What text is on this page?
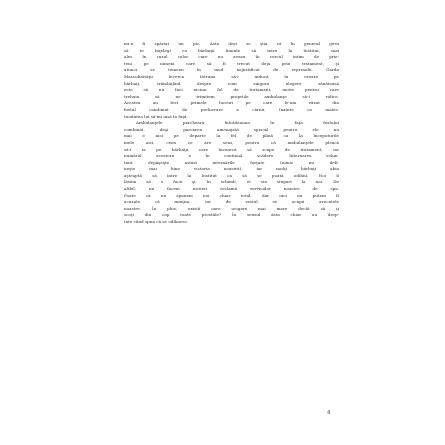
mi-a fi spăriat un pic. Asta deşi se ştia că în general geru
să te înţelegi cu bărbaţii înainte să intre la Institut, mai
ales în cazul celor care nu aveau în cercul intim de prie-
teni pe nimeni care să fi trecut deja prin tratament, şi
atunci se temeau în mod nejustificat de represalii. Garda
Masculinităţii încerca întruna să-i inducă în eroare pe
bărbaţi, trâmbiţând despre cum singura alegere sănătoasă
este să nu faci niciun fel de tratament, motiv pentru care
trebuia să ne trimitem propriile ambulanţe să-i ridice.
Acestea au fost primele lucruri pe care le-am văzut din
fostul combinat de prelucrare a cărnii, înainte ca maies-
tuoitatea lui să-mi iasă în faţă.
Ambulanţele parcheară întotdeauna în faţa fostului
combinat, deşi parcarea amenajată special pentru ele nu
mai e nici pe departe la fel de plină ca la începuturile
mele aici, ceea ce are sens, pentru că ambulanţele pleacă
să-i ia pe bărbaţii care încearcă să scape de tratament, iar
numărul acestora e în continuă scădere. Internarea volun-
tară depăşeşte astăzi internările forţate (nimic nu defi-
neşte mai bine victoria noastră), iar mulţi bărbaţi abia
aşteaptă să intre la Institut ca să se poată odihni. Noi îi
lăsăm să o facă şi, în schimb, ei vin singuri la noi. De
altfel, nu facem niciieri reclamă serviciilor noastre de spa.
Poate că nu spunem noi chiar totul, dar nici nu putem fi
acuzate că minţim, iar de restul se ocupă avocatele
noastre. În plus, există oare ucigare mai mare decât să ţi
scoţi din cap toate prostiile? În sensul ăsta chiar au drep-
tate când spun că se odihnesc.
4
